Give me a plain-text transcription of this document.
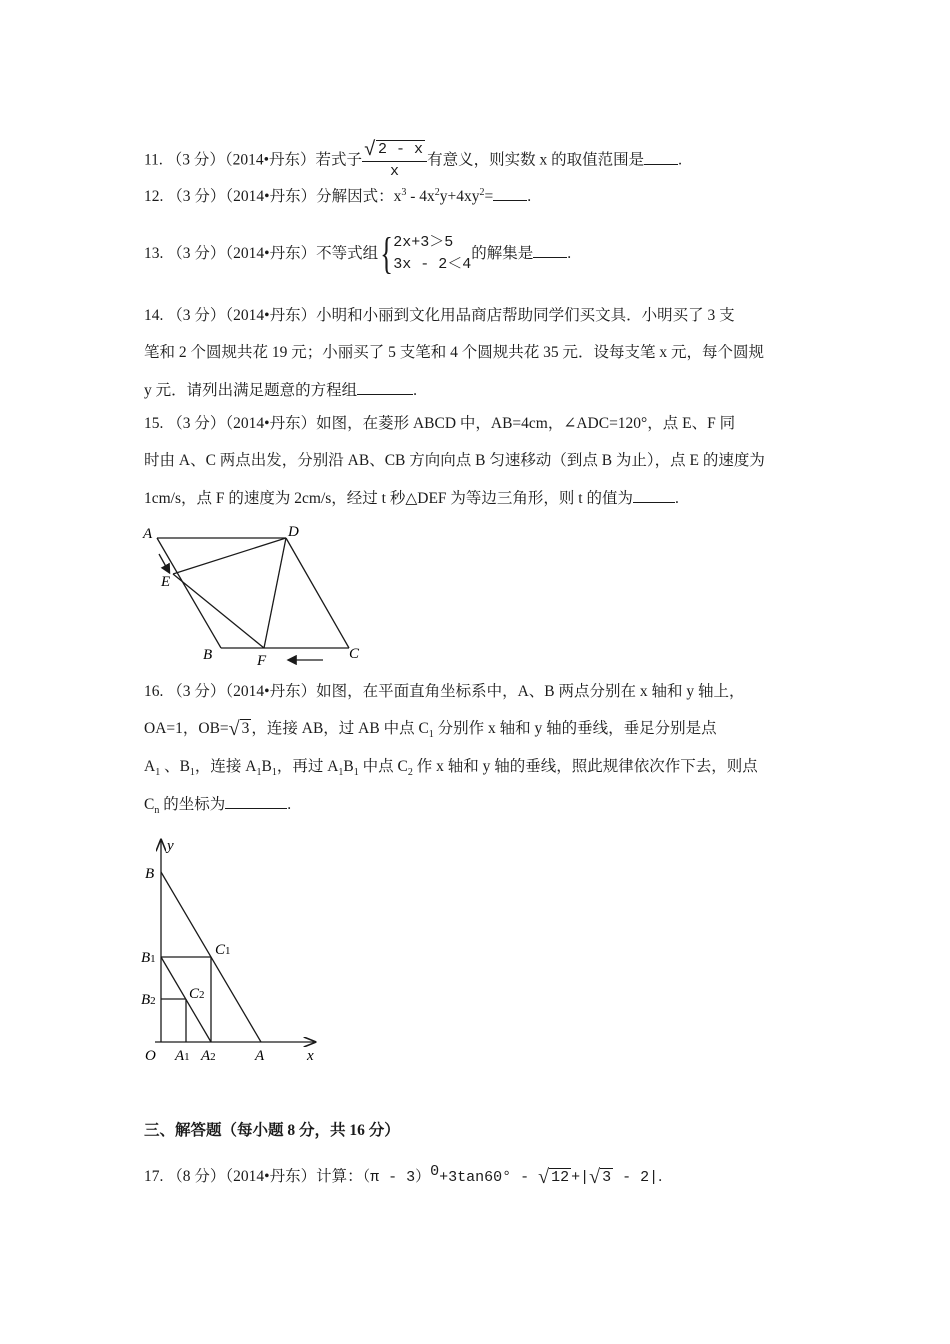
11. （3 分）（2014•丹东）若式子 $\frac{√ 2 - x}{x}$ 有意义，则实数 x 的取值范围是 .
12. （3 分）（2014•丹东）分解因式：$x^3 - 4x^2y+4xy^2=$ .
13. （3 分）（2014•丹东）不等式组{ 2x+3＞5
3x - 2＜4
的解集是 .
14. （3 分）（2014•丹东）小明和小丽到文化用品商店帮助同学们买文具．小明买了 3 支
笔和 2 个圆规共花 19 元；小丽买了 5 支笔和 4 个圆规共花 35 元．设每支笔 x 元，每个圆规
y 元．请列出满足题意的方程组	.
15. （3 分）（2014•丹东）如图，在菱形 ABCD 中，AB=4cm，∠ADC=120°，点 E、F 同
时由 A、C 两点出发，分别沿 AB、CB 方向向点 B 匀速移动（到点 B 为止），点 E 的速度为
1cm/s，点 F 的速度为 2cm/s，经过 t 秒△DEF 为等边三角形，则 t 的值为	.
A	D
E
B	F	C
16. （3 分）（2014•丹东）如图，在平面直角坐标系中，A、B 两点分别在 x 轴和 y 轴上，
OA=1，OB=√ 3 ，连接 AB，过 AB 中点 $C_1$ 分别作 x 轴和 y 轴的垂线，垂足分别是点
$A_1$ 、$B_1$，连接 $A_1B_1$，再过 $A_1B_1$ 中点 $C_2$ 作 x 轴和 y 轴的垂线，照此规律依次作下去，则点
$C_n$ 的坐标为	.
y
x
O
B
A
B1
B2
C1
C2
A1 A2
三、解答题（每小题 8 分，共 16 分）
17. （8 分）（2014•丹东）计算：（π - 3）$^0$+3tan60° - √ 12 +|√ 3 - 2|.
